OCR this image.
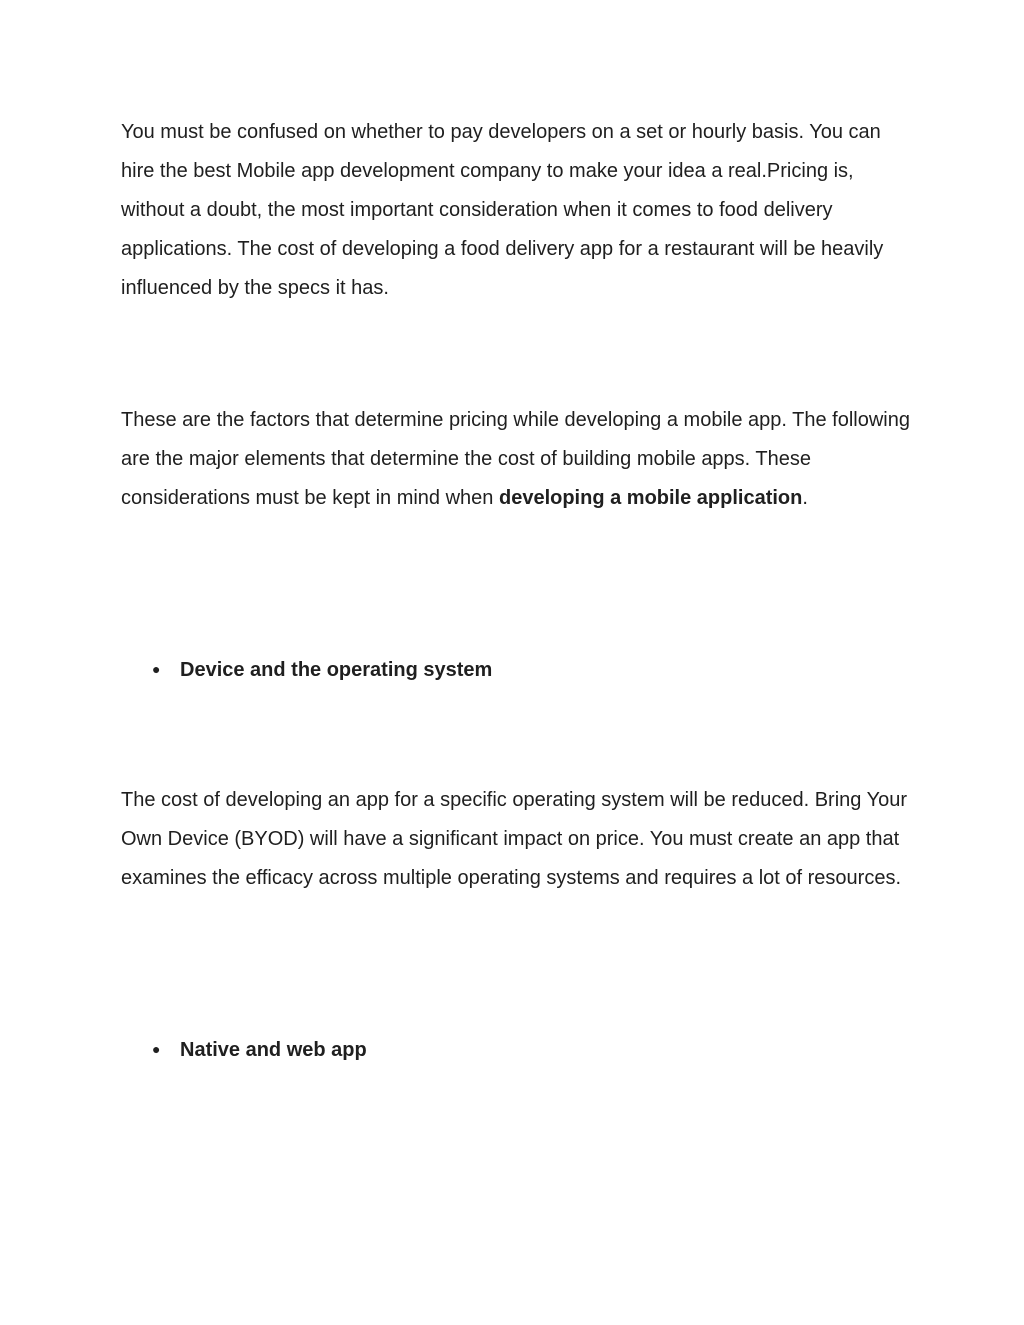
You must be confused on whether to pay developers on a set or hourly basis. You can hire the best Mobile app development company to make your idea a real.Pricing is, without a doubt, the most important consideration when it comes to food delivery applications. The cost of developing a food delivery app for a restaurant will be heavily influenced by the specs it has.

These are the factors that determine pricing while developing a mobile app. The following are the major elements that determine the cost of building mobile apps. These considerations must be kept in mind when developing a mobile application.

● Device and the operating system

The cost of developing an app for a specific operating system will be reduced. Bring Your Own Device (BYOD) will have a significant impact on price. You must create an app that examines the efficacy across multiple operating systems and requires a lot of resources.

● Native and web app
